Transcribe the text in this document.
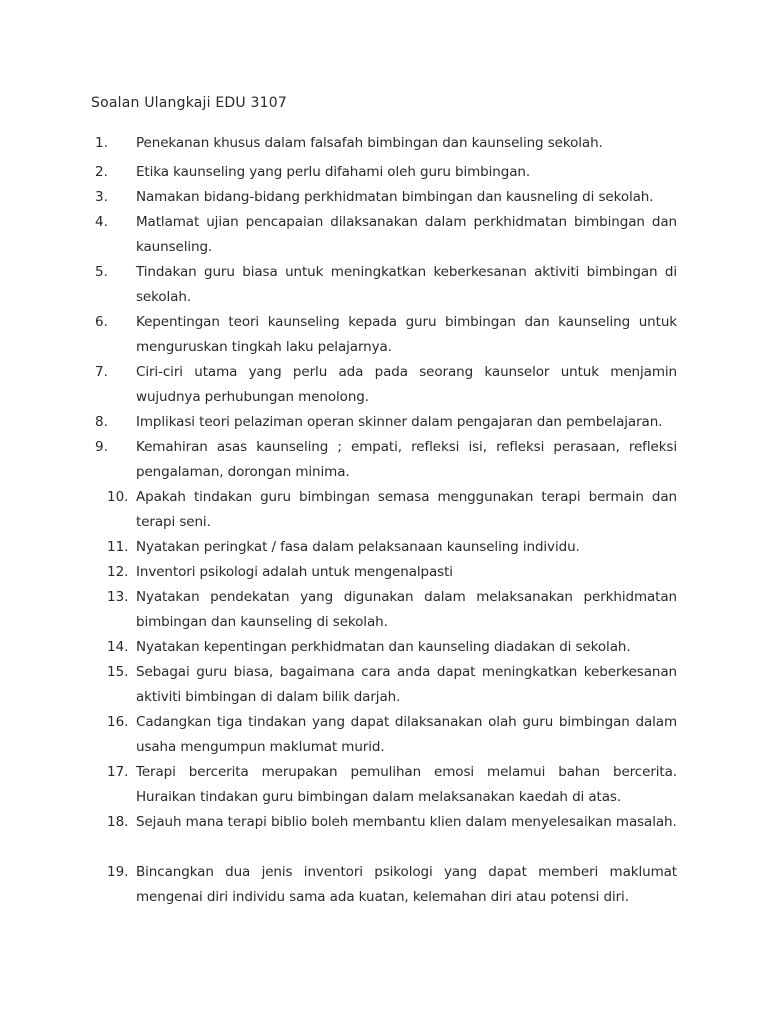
Soalan Ulangkaji EDU 3107
1.	Penekanan khusus dalam falsafah bimbingan dan kaunseling sekolah.
2.	Etika kaunseling yang perlu difahami oleh guru bimbingan.
3.	Namakan bidang-bidang perkhidmatan bimbingan dan kausneling di sekolah.
4.	Matlamat ujian pencapaian dilaksanakan dalam perkhidmatan bimbingan dan kaunseling.
5.	Tindakan guru biasa untuk meningkatkan keberkesanan aktiviti bimbingan di sekolah.
6.	Kepentingan teori kaunseling kepada guru bimbingan dan kaunseling untuk menguruskan tingkah laku pelajarnya.
7.	Ciri-ciri utama yang perlu ada pada seorang kaunselor untuk menjamin wujudnya perhubungan menolong.
8.	Implikasi teori pelaziman operan skinner dalam pengajaran dan pembelajaran.
9.	Kemahiran asas kaunseling ; empati, refleksi isi, refleksi perasaan, refleksi pengalaman, dorongan minima.
10. Apakah tindakan guru bimbingan semasa menggunakan terapi bermain dan terapi seni.
11. Nyatakan peringkat / fasa dalam pelaksanaan kaunseling individu.
12. Inventori psikologi adalah untuk mengenalpasti
13. Nyatakan pendekatan yang digunakan dalam melaksanakan perkhidmatan bimbingan dan kaunseling di sekolah.
14. Nyatakan kepentingan perkhidmatan dan kaunseling diadakan di sekolah.
15. Sebagai guru biasa, bagaimana cara anda dapat meningkatkan keberkesanan aktiviti bimbingan di dalam bilik darjah.
16. Cadangkan tiga tindakan yang dapat dilaksanakan olah guru bimbingan dalam usaha mengumpun maklumat murid.
17. Terapi bercerita merupakan pemulihan emosi melamui bahan bercerita. Huraikan tindakan guru bimbingan dalam melaksanakan kaedah di atas.
18. Sejauh mana terapi biblio boleh membantu klien dalam menyelesaikan masalah.
19. Bincangkan dua jenis inventori psikologi yang dapat memberi maklumat mengenai diri individu sama ada kuatan, kelemahan diri atau potensi diri.
